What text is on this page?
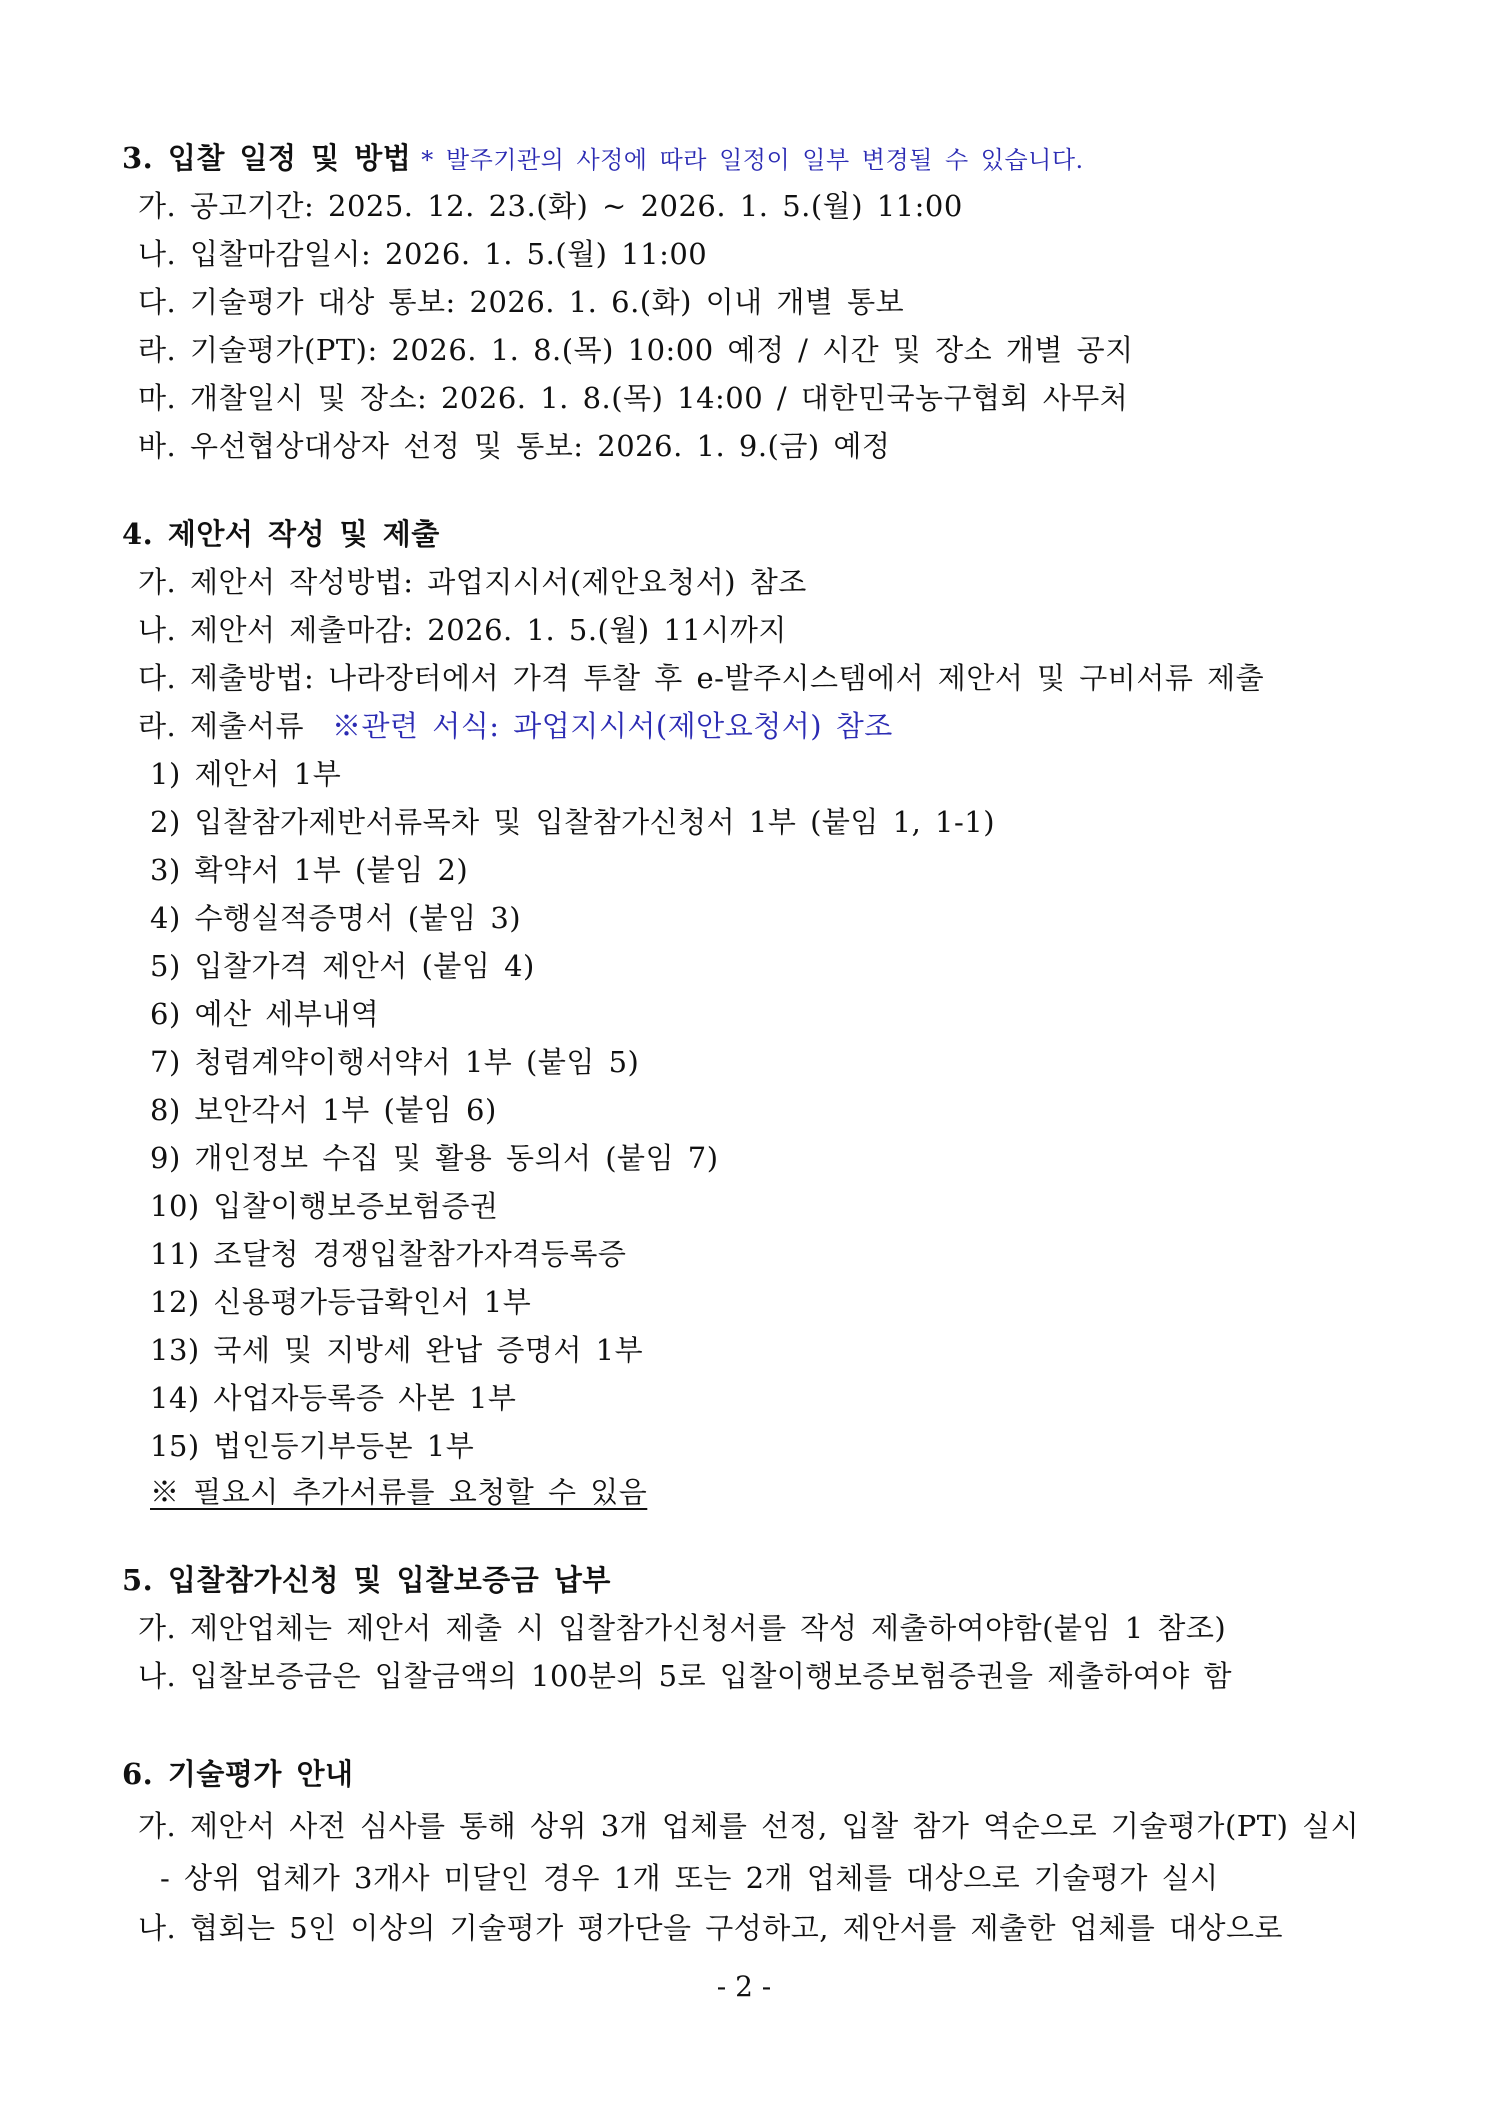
3. 입찰 일정 및 방법 * 발주기관의 사정에 따라 일정이 일부 변경될 수 있습니다.
가. 공고기간: 2025. 12. 23.(화) ~ 2026. 1. 5.(월) 11:00
나. 입찰마감일시: 2026. 1. 5.(월) 11:00
다. 기술평가 대상 통보: 2026. 1. 6.(화) 이내 개별 통보
라. 기술평가(PT): 2026. 1. 8.(목) 10:00 예정 / 시간 및 장소 개별 공지
마. 개찰일시 및 장소: 2026. 1. 8.(목) 14:00 / 대한민국농구협회 사무처
바. 우선협상대상자 선정 및 통보: 2026. 1. 9.(금) 예정
4. 제안서 작성 및 제출
가. 제안서 작성방법: 과업지시서(제안요청서) 참조
나. 제안서 제출마감: 2026. 1. 5.(월) 11시까지
다. 제출방법: 나라장터에서 가격 투찰 후 e-발주시스템에서 제안서 및 구비서류 제출
라. 제출서류 ※관련 서식: 과업지시서(제안요청서) 참조
1) 제안서 1부
2) 입찰참가제반서류목차 및 입찰참가신청서 1부 (붙임 1, 1-1)
3) 확약서 1부 (붙임 2)
4) 수행실적증명서 (붙임 3)
5) 입찰가격 제안서 (붙임 4)
6) 예산 세부내역
7) 청렴계약이행서약서 1부 (붙임 5)
8) 보안각서 1부 (붙임 6)
9) 개인정보 수집 및 활용 동의서 (붙임 7)
10) 입찰이행보증보험증권
11) 조달청 경쟁입찰참가자격등록증
12) 신용평가등급확인서 1부
13) 국세 및 지방세 완납 증명서 1부
14) 사업자등록증 사본 1부
15) 법인등기부등본 1부
※ 필요시 추가서류를 요청할 수 있음
5. 입찰참가신청 및 입찰보증금 납부
가. 제안업체는 제안서 제출 시 입찰참가신청서를 작성 제출하여야함(붙임 1 참조)
나. 입찰보증금은 입찰금액의 100분의 5로 입찰이행보증보험증권을 제출하여야 함
6. 기술평가 안내
가. 제안서 사전 심사를 통해 상위 3개 업체를 선정, 입찰 참가 역순으로 기술평가(PT) 실시
- 상위 업체가 3개사 미달인 경우 1개 또는 2개 업체를 대상으로 기술평가 실시
나. 협회는 5인 이상의 기술평가 평가단을 구성하고, 제안서를 제출한 업체를 대상으로
- 2 -
